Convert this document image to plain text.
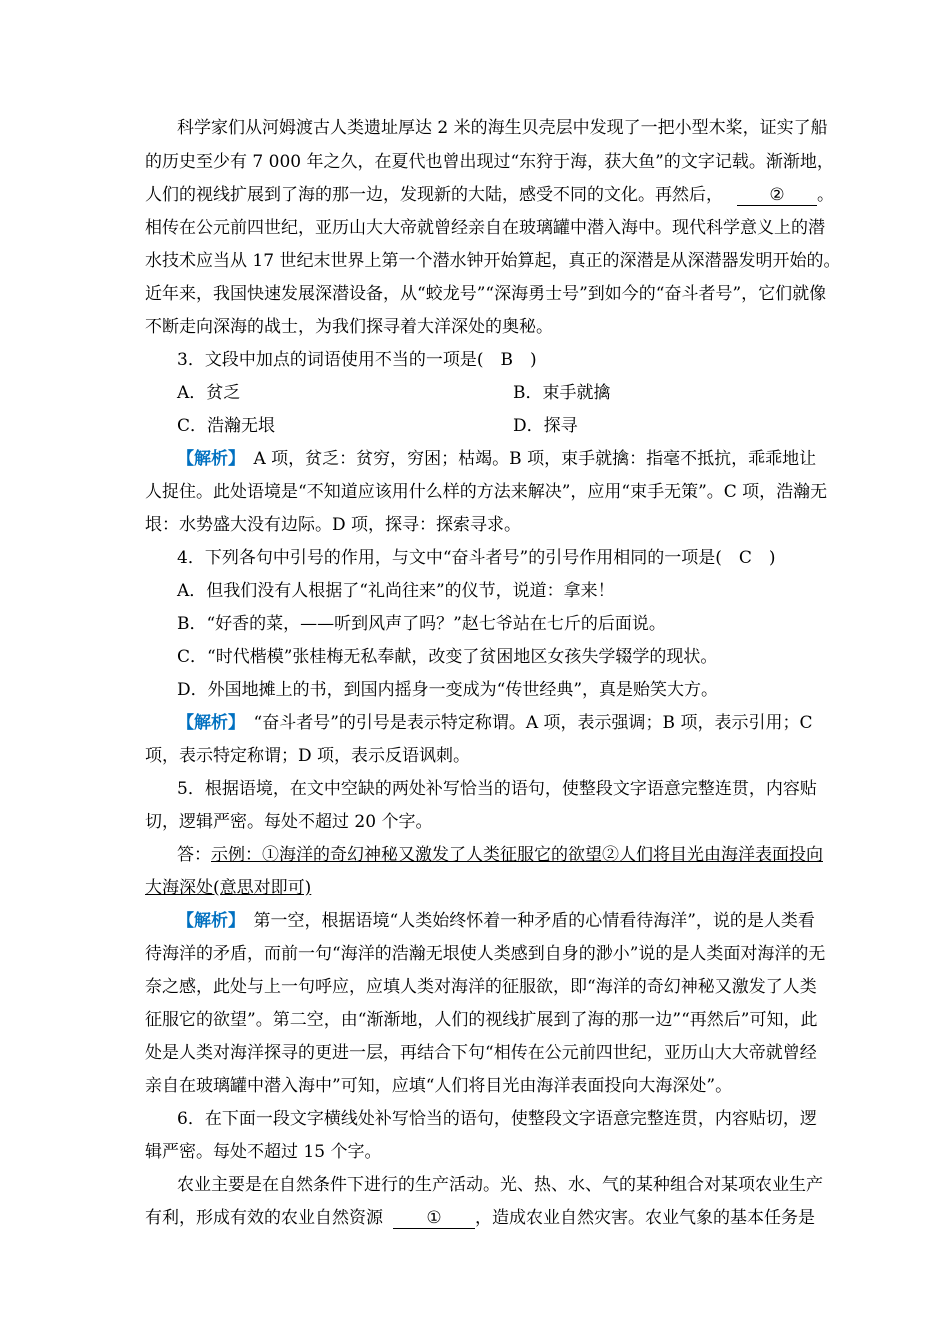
科学家们从河姆渡古人类遗址厚达 2 米的海生贝壳层中发现了一把小型木桨，证实了船
的历史至少有 7 000 年之久，在夏代也曾出现过“东狩于海，获大鱼”的文字记载。渐渐地，
人们的视线扩展到了海的那一边，发现新的大陆，感受不同的文化。再然后，	② 。
相传在公元前四世纪，亚历山大大帝就曾经亲自在玻璃罐中潜入海中。现代科学意义上的潜
水技术应当从 17 世纪末世界上第一个潜水钟开始算起，真正的深潜是从深潜器发明开始的。
近年来，我国快速发展深潜设备，从“蛟龙号”“深海勇士号”到如今的“奋斗者号”，它们就像
不断走向深海的战士，为我们探寻着大洋深处的奥秘。
3．文段中加点的词语使用不当的一项是(　B　)
A．贫乏	B．束手就擒
C．浩瀚无垠	D．探寻
【解析】　 A 项，贫乏：贫穷，穷困；枯竭。B 项，束手就擒：指毫不抵抗，乖乖地让
人捉住。此处语境是“不知道应该用什么样的方法来解决”，应用“束手无策”。C 项，浩瀚无
垠：水势盛大没有边际。D 项，探寻：探索寻求。
4．下列各句中引号的作用，与文中“奋斗者号”的引号作用相同的一项是(　C　)
A．但我们没有人根据了“礼尚往来”的仪节，说道：拿来！
B．“好香的菜，——听到风声了吗？”赵七爷站在七斤的后面说。
C．“时代楷模”张桂梅无私奉献，改变了贫困地区女孩失学辍学的现状。
D．外国地摊上的书，到国内摇身一变成为“传世经典”，真是贻笑大方。
【解析】　 “奋斗者号”的引号是表示特定称谓。A 项，表示强调；B 项，表示引用；C
项，表示特定称谓；D 项，表示反语讽刺。
5．根据语境，在文中空缺的两处补写恰当的语句，使整段文字语意完整连贯，内容贴
切，逻辑严密。每处不超过 20 个字。
答：示例：①海洋的奇幻神秘又激发了人类征服它的欲望②人们将目光由海洋表面投向
大海深处(意思对即可)
【解析】　 第一空，根据语境“人类始终怀着一种矛盾的心情看待海洋”，说的是人类看
待海洋的矛盾，而前一句“海洋的浩瀚无垠使人类感到自身的渺小”说的是人类面对海洋的无
奈之感，此处与上一句呼应，应填人类对海洋的征服欲，即“海洋的奇幻神秘又激发了人类
征服它的欲望”。第二空，由“渐渐地，人们的视线扩展到了海的那一边”“再然后”可知，此
处是人类对海洋探寻的更进一层，再结合下句“相传在公元前四世纪，亚历山大大帝就曾经
亲自在玻璃罐中潜入海中”可知，应填“人们将目光由海洋表面投向大海深处”。
6．在下面一段文字横线处补写恰当的语句，使整段文字语意完整连贯，内容贴切，逻
辑严密。每处不超过 15 个字。
农业主要是在自然条件下进行的生产活动。光、热、水、气的某种组合对某项农业生产
有利，形成有效的农业自然资源	① ，造成农业自然灾害。农业气象的基本任务是
